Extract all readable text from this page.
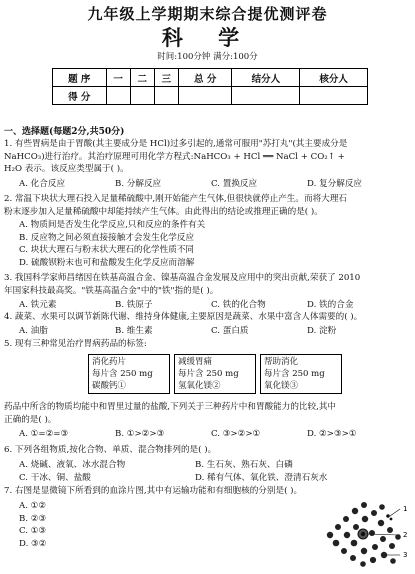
九年级上学期期末综合提优测评卷
科 学
时间:100分钟 满分:100分
题 序	一	二	三	总 分	结分人	核分人
得 分						
一、选择题(每题2分,共50分)
1. 有些胃病是由于胃酸(其主要成分是 HCl)过多引起的,通常可服用"苏打丸"(其主要成分是
NaHCO₃)进行治疗。其治疗原理可用化学方程式:NaHCO₃ + HCl ══ NaCl + CO₂↑ +
H₂O 表示。该反应类型属于( )。
A. 化合反应	B. 分解反应	C. 置换反应	D. 复分解反应
2. 常温下块状大理石投入足量稀硫酸中,刚开始能产生气体,但很快就停止产生。而将大理石
粉末逐步加入足量稀硫酸中却能持续产生气体。由此得出的结论或推理正确的是( )。
A. 物质间是否发生化学反应,只和反应的条件有关
B. 反应物之间必须直接接触才会发生化学反应
C. 块状大理石与粉末状大理石的化学性质不同
D. 硫酸钡粉末也可和盐酸发生化学反应而溶解
3. 我国科学家师昌绪因在铁基高温合金、镍基高温合金发展及应用中的突出贡献,荣获了 2010
年国家科技最高奖。"铁基高温合金"中的"铁"指的是( )。
A. 铁元素	B. 铁原子	C. 铁的化合物	D. 铁的合金
4. 蔬菜、水果可以调节新陈代谢、维持身体健康,主要原因是蔬菜、水果中富含人体需要的( )。
A. 油脂	B. 维生素	C. 蛋白质	D. 淀粉
5. 现有三种常见治疗胃病药品的标签:
消化药片
每片含 250 mg
碳酸钙①
减缓胃痛
每片含 250 mg
氢氧化镁②
帮助消化
每片含 250 mg
氧化镁③
药品中所含的物质均能中和胃里过量的盐酸,下列关于三种药片中和胃酸能力的比较,其中
正确的是( )。
A. ①=②=③	B. ①>②>③	C. ③>②>①	D. ②>③>①
6. 下列各组物质,按化合物、单质、混合物排列的是( )。
A. 烧碱、液氧、冰水混合物	B. 生石灰、熟石灰、白磷
C. 干冰、铜、盐酸	D. 稀有气体、氧化铁、澄清石灰水
7. 右图是显微镜下所看到的血涂片图,其中有运输功能和有细胞核的分别是( )。
A. ①②
B. ②③
C. ①③
D. ③②
1
2
3
